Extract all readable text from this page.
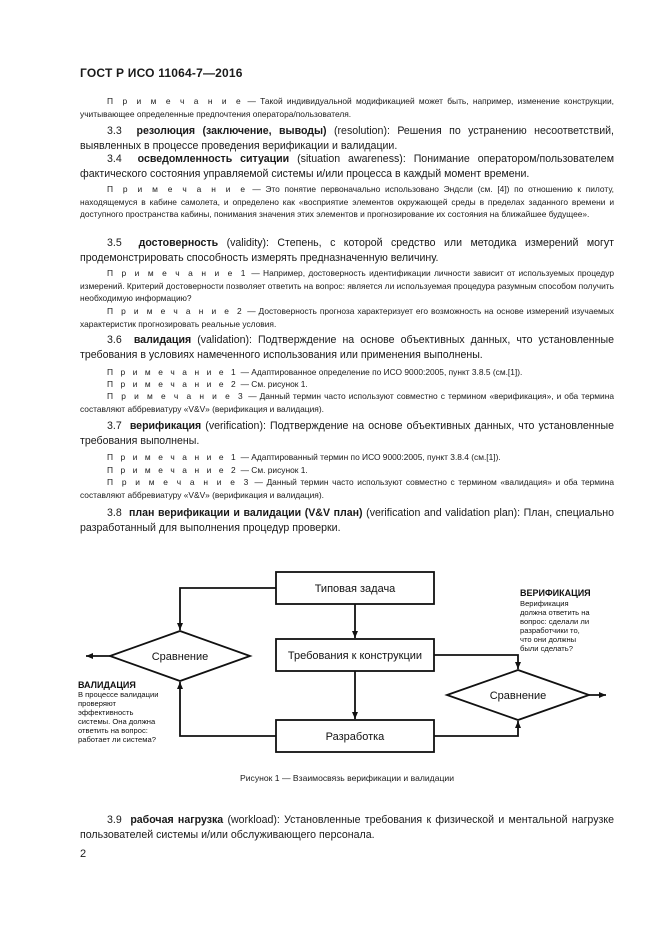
ГОСТ Р ИСО 11064-7—2016

П р и м е ч а н и е — Такой индивидуальной модификацией может быть, например, изменение конструкции, учитывающее определенные предпочтения оператора/пользователя.

3.3 резолюция (заключение, выводы) (resolution): Решения по устранению несоответствий, выявленных в процессе проведения верификации и валидации.

3.4 осведомленность ситуации (situation awareness): Понимание оператором/пользователем фактического состояния управляемой системы и/или процесса в каждый момент времени.

П р и м е ч а н и е — Это понятие первоначально использовано Эндсли (см. [4]) по отношению к пилоту, находящемуся в кабине самолета, и определено как «восприятие элементов окружающей среды в пределах заданного времени и доступного пространства кабины, понимания значения этих элементов и прогнозирование их состояния на ближайшее будущее».

3.5 достоверность (validity): Степень, с которой средство или методика измерений могут продемонстрировать способность измерять предназначенную величину.

П р и м е ч а н и е 1 — Например, достоверность идентификации личности зависит от используемых процедур измерений. Критерий достоверности позволяет ответить на вопрос: является ли используемая процедура разумным способом получить необходимую информацию?

П р и м е ч а н и е 2 — Достоверность прогноза характеризует его возможность на основе измерений изучаемых характеристик прогнозировать реальные условия.

3.6 валидация (validation): Подтверждение на основе объективных данных, что установленные требования в условиях намеченного использования или применения выполнены.

П р и м е ч а н и е 1 — Адаптированное определение по ИСО 9000:2005, пункт 3.8.5 (см.[1]).

П р и м е ч а н и е 2 — См. рисунок 1.

П р и м е ч а н и е 3 — Данный термин часто используют совместно с термином «верификация», и оба термина составляют аббревиатуру «V&V» (верификация и валидация).

3.7 верификация (verification): Подтверждение на основе объективных данных, что установленные требования выполнены.

П р и м е ч а н и е 1 — Адаптированный термин по ИСО 9000:2005, пункт 3.8.4 (см.[1]).

П р и м е ч а н и е 2 — См. рисунок 1.

П р и м е ч а н и е 3 — Данный термин часто используют совместно с термином «валидация» и оба термина составляют аббревиатуру «V&V» (верификация и валидация).

3.8 план верификации и валидации (V&V план) (verification and validation plan): План, специально разработанный для выполнения процедур проверки.

Типовая задача
Требования к конструкции
Разработка
Сравнение
Сравнение
ВЕРИФИКАЦИЯ
Верификация
должна ответить на
вопрос: сделали ли
разработчики то,
что они должны
были сделать?
ВАЛИДАЦИЯ
В процессе валидации
проверяют
эффективность
системы. Она должна
ответить на вопрос:
работает ли система?
Рисунок 1 — Взаимосвязь верификации и валидации

3.9 рабочая нагрузка (workload): Установленные требования к физической и ментальной нагрузке пользователей системы и/или обслуживающего персонала.

2
